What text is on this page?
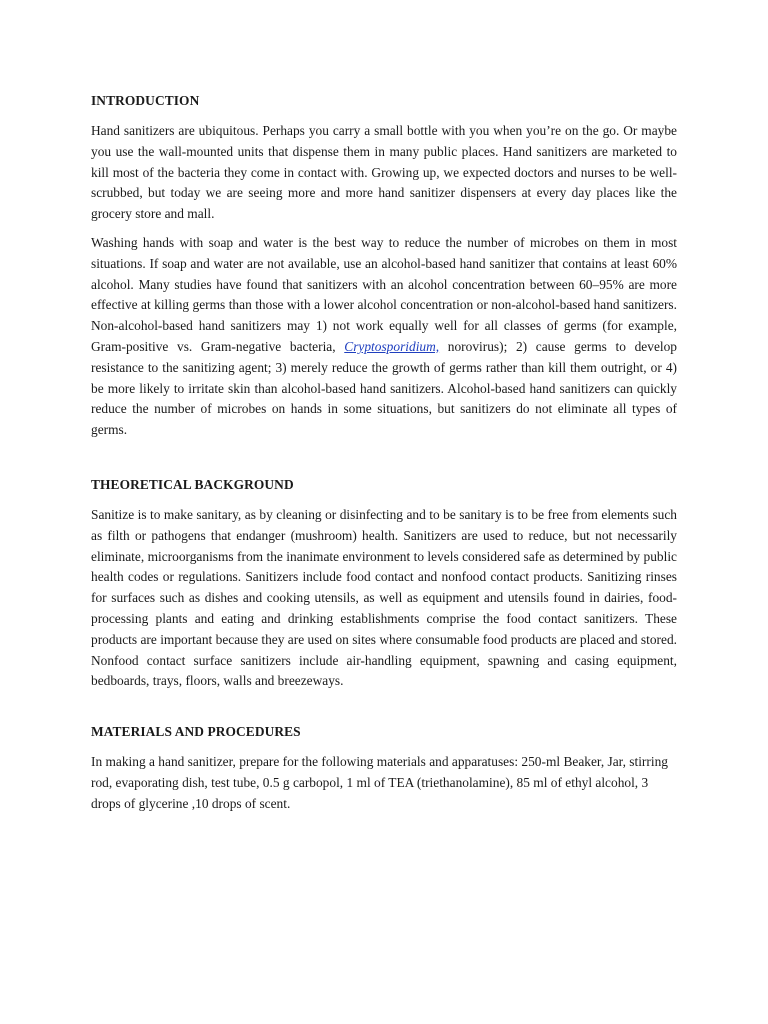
INTRODUCTION

Hand sanitizers are ubiquitous. Perhaps you carry a small bottle with you when you’re on the go. Or maybe you use the wall-mounted units that dispense them in many public places. Hand sanitizers are marketed to kill most of the bacteria they come in contact with. Growing up, we expected doctors and nurses to be well-scrubbed, but today we are seeing more and more hand sanitizer dispensers at every day places like the grocery store and mall.

Washing hands with soap and water is the best way to reduce the number of microbes on them in most situations. If soap and water are not available, use an alcohol-based hand sanitizer that contains at least 60% alcohol. Many studies have found that sanitizers with an alcohol concentration between 60–95% are more effective at killing germs than those with a lower alcohol concentration or non-alcohol-based hand sanitizers. Non-alcohol-based hand sanitizers may 1) not work equally well for all classes of germs (for example, Gram-positive vs. Gram-negative bacteria, Cryptosporidium, norovirus); 2) cause germs to develop resistance to the sanitizing agent; 3) merely reduce the growth of germs rather than kill them outright, or 4) be more likely to irritate skin than alcohol-based hand sanitizers. Alcohol-based hand sanitizers can quickly reduce the number of microbes on hands in some situations, but sanitizers do not eliminate all types of germs.

THEORETICAL BACKGROUND

Sanitize is to make sanitary, as by cleaning or disinfecting and to be sanitary is to be free from elements such as filth or pathogens that endanger (mushroom) health. Sanitizers are used to reduce, but not necessarily eliminate, microorganisms from the inanimate environment to levels considered safe as determined by public health codes or regulations. Sanitizers include food contact and nonfood contact products. Sanitizing rinses for surfaces such as dishes and cooking utensils, as well as equipment and utensils found in dairies, food-processing plants and eating and drinking establishments comprise the food contact sanitizers. These products are important because they are used on sites where consumable food products are placed and stored. Nonfood contact surface sanitizers include air-handling equipment, spawning and casing equipment, bedboards, trays, floors, walls and breezeways.

MATERIALS AND PROCEDURES

In making a hand sanitizer, prepare for the following materials and apparatuses: 250-ml Beaker, Jar, stirring rod, evaporating dish, test tube, 0.5 g carbopol, 1 ml of TEA (triethanolamine), 85 ml of ethyl alcohol, 3 drops of glycerine ,10 drops of scent.
